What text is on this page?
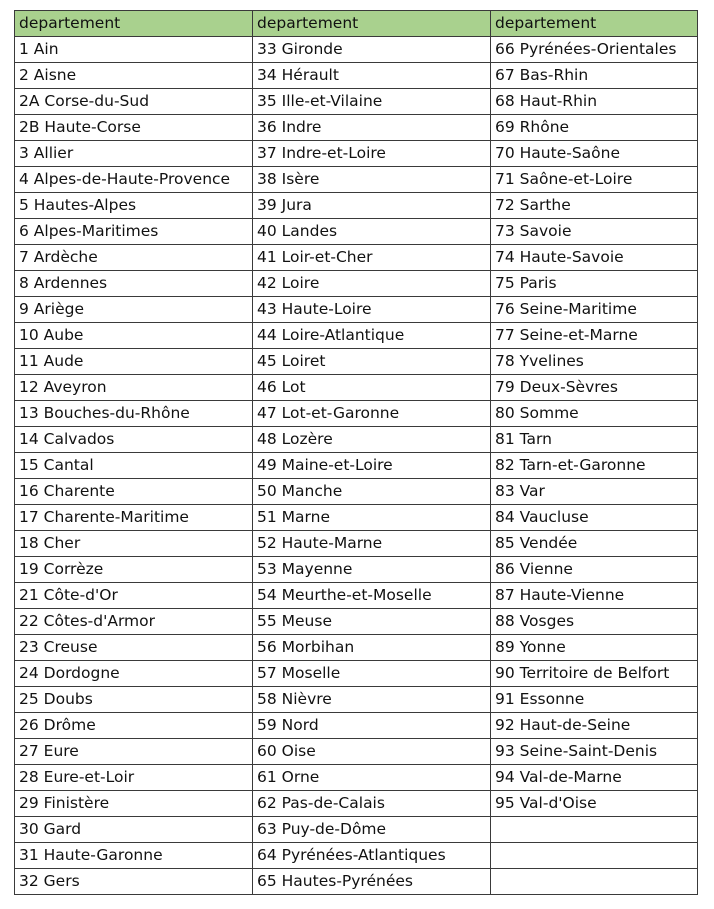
departement	departement	departement
1 Ain	33 Gironde	66 Pyrénées-Orientales
2 Aisne	34 Hérault	67 Bas-Rhin
2A Corse-du-Sud	35 Ille-et-Vilaine	68 Haut-Rhin
2B Haute-Corse	36 Indre	69 Rhône
3 Allier	37 Indre-et-Loire	70 Haute-Saône
4 Alpes-de-Haute-Provence	38 Isère	71 Saône-et-Loire
5 Hautes-Alpes	39 Jura	72 Sarthe
6 Alpes-Maritimes	40 Landes	73 Savoie
7 Ardèche	41 Loir-et-Cher	74 Haute-Savoie
8 Ardennes	42 Loire	75 Paris
9 Ariège	43 Haute-Loire	76 Seine-Maritime
10 Aube	44 Loire-Atlantique	77 Seine-et-Marne
11 Aude	45 Loiret	78 Yvelines
12 Aveyron	46 Lot	79 Deux-Sèvres
13 Bouches-du-Rhône	47 Lot-et-Garonne	80 Somme
14 Calvados	48 Lozère	81 Tarn
15 Cantal	49 Maine-et-Loire	82 Tarn-et-Garonne
16 Charente	50 Manche	83 Var
17 Charente-Maritime	51 Marne	84 Vaucluse
18 Cher	52 Haute-Marne	85 Vendée
19 Corrèze	53 Mayenne	86 Vienne
21 Côte-d'Or	54 Meurthe-et-Moselle	87 Haute-Vienne
22 Côtes-d'Armor	55 Meuse	88 Vosges
23 Creuse	56 Morbihan	89 Yonne
24 Dordogne	57 Moselle	90 Territoire de Belfort
25 Doubs	58 Nièvre	91 Essonne
26 Drôme	59 Nord	92 Haut-de-Seine
27 Eure	60 Oise	93 Seine-Saint-Denis
28 Eure-et-Loir	61 Orne	94 Val-de-Marne
29 Finistère	62 Pas-de-Calais	95 Val-d'Oise
30 Gard	63 Puy-de-Dôme	
31 Haute-Garonne	64 Pyrénées-Atlantiques	
32 Gers	65 Hautes-Pyrénées	
